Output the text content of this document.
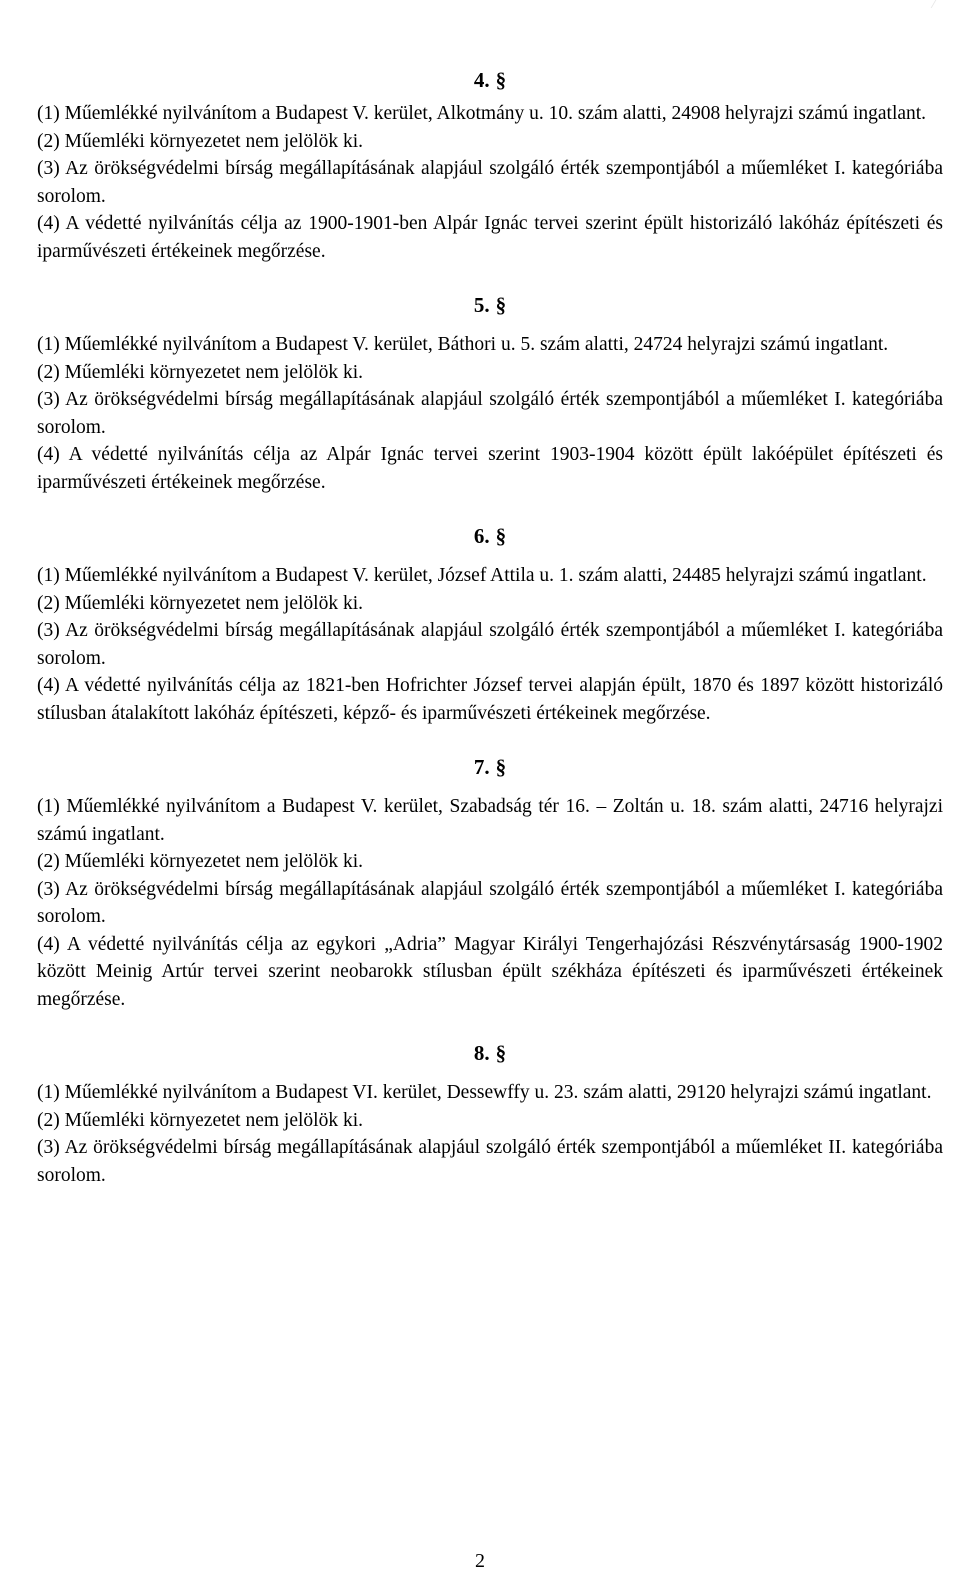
4. §

(1) Műemlékké nyilvánítom a Budapest V. kerület, Alkotmány u. 10. szám alatti, 24908 helyrajzi számú ingatlant.

(2) Műemléki környezetet nem jelölök ki.

(3) Az örökségvédelmi bírság megállapításának alapjául szolgáló érték szempontjából a műemléket I. kategóriába sorolom.

(4) A védetté nyilvánítás célja az 1900-1901-ben Alpár Ignác tervei szerint épült historizáló lakóház építészeti és iparművészeti értékeinek megőrzése.

5. §

(1) Műemlékké nyilvánítom a Budapest V. kerület, Báthori u. 5. szám alatti, 24724 helyrajzi számú ingatlant.

(2) Műemléki környezetet nem jelölök ki.

(3) Az örökségvédelmi bírság megállapításának alapjául szolgáló érték szempontjából a műemléket I. kategóriába sorolom.

(4) A védetté nyilvánítás célja az Alpár Ignác tervei szerint 1903-1904 között épült lakóépület építészeti és iparművészeti értékeinek megőrzése.

6. §

(1) Műemlékké nyilvánítom a Budapest V. kerület, József Attila u. 1. szám alatti, 24485 helyrajzi számú ingatlant.

(2) Műemléki környezetet nem jelölök ki.

(3) Az örökségvédelmi bírság megállapításának alapjául szolgáló érték szempontjából a műemléket I. kategóriába sorolom.

(4) A védetté nyilvánítás célja az 1821-ben Hofrichter József tervei alapján épült, 1870 és 1897 között historizáló stílusban átalakított lakóház építészeti, képző- és iparművészeti értékeinek megőrzése.

7. §

(1) Műemlékké nyilvánítom a Budapest V. kerület, Szabadság tér 16. – Zoltán u. 18. szám alatti, 24716 helyrajzi számú ingatlant.

(2) Műemléki környezetet nem jelölök ki.

(3) Az örökségvédelmi bírság megállapításának alapjául szolgáló érték szempontjából a műemléket I. kategóriába sorolom.

(4) A védetté nyilvánítás célja az egykori „Adria” Magyar Királyi Tengerhajózási Részvénytársaság 1900-1902 között Meinig Artúr tervei szerint neobarokk stílusban épült székháza építészeti és iparművészeti értékeinek megőrzése.

8. §

(1) Műemlékké nyilvánítom a Budapest VI. kerület, Dessewffy u. 23. szám alatti, 29120 helyrajzi számú ingatlant.

(2) Műemléki környezetet nem jelölök ki.

(3) Az örökségvédelmi bírság megállapításának alapjául szolgáló érték szempontjából a műemléket II. kategóriába sorolom.

2
